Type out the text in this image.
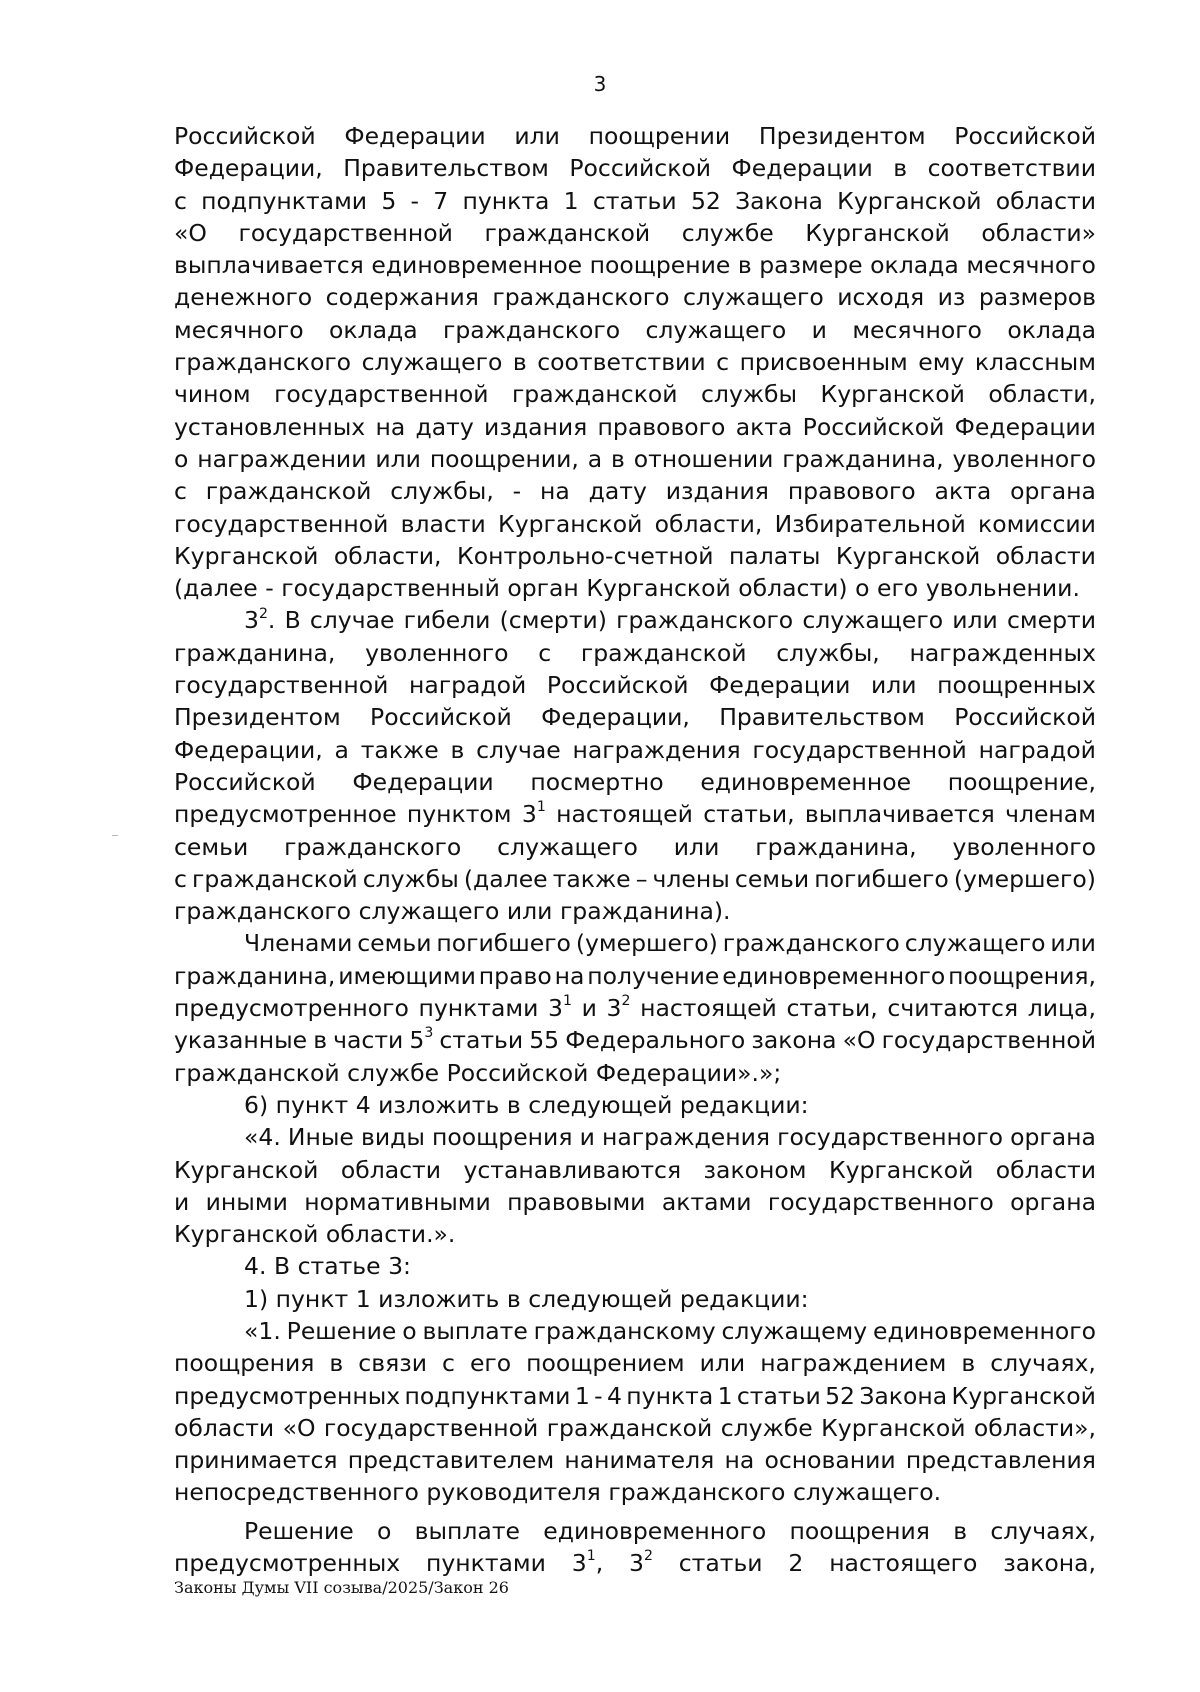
3
Российской Федерации или поощрении Президентом Российской
Федерации, Правительством Российской Федерации в соответствии
с подпунктами 5 - 7 пункта 1 статьи 52 Закона Курганской области
«О государственной гражданской службе Курганской области»
выплачивается единовременное поощрение в размере оклада месячного
денежного содержания гражданского служащего исходя из размеров
месячного оклада гражданского служащего и месячного оклада
гражданского служащего в соответствии с присвоенным ему классным
чином государственной гражданской службы Курганской области,
установленных на дату издания правового акта Российской Федерации
о награждении или поощрении, а в отношении гражданина, уволенного
с гражданской службы, - на дату издания правового акта органа
государственной власти Курганской области, Избирательной комиссии
Курганской области, Контрольно-счетной палаты Курганской области
(далее - государственный орган Курганской области) о его увольнении.
$3^2$. В случае гибели (смерти) гражданского служащего или смерти
гражданина, уволенного с гражданской службы, награжденных
государственной наградой Российской Федерации или поощренных
Президентом Российской Федерации, Правительством Российской
Федерации, а также в случае награждения государственной наградой
Российской Федерации посмертно единовременное поощрение,
предусмотренное пунктом $3^1$ настоящей статьи, выплачивается членам
семьи гражданского служащего или гражданина, уволенного
с гражданской службы (далее также – члены семьи погибшего (умершего)
гражданского служащего или гражданина).
Членами семьи погибшего (умершего) гражданского служащего или
гражданина, имеющими право на получение единовременного поощрения,
предусмотренного пунктами $3^1$ и $3^2$ настоящей статьи, считаются лица,
указанные в части $5^3$ статьи 55 Федерального закона «О государственной
гражданской службе Российской Федерации».»;
6) пункт 4 изложить в следующей редакции:
«4. Иные виды поощрения и награждения государственного органа
Курганской области устанавливаются законом Курганской области
и иными нормативными правовыми актами государственного органа
Курганской области.».
4. В статье 3:
1) пункт 1 изложить в следующей редакции:
«1. Решение о выплате гражданскому служащему единовременного
поощрения в связи с его поощрением или награждением в случаях,
предусмотренных подпунктами 1 - 4 пункта 1 статьи 52 Закона Курганской
области «О государственной гражданской службе Курганской области»,
принимается представителем нанимателя на основании представления
непосредственного руководителя гражданского служащего.
Решение о выплате единовременного поощрения в случаях,
предусмотренных пунктами $3^1$, $3^2$ статьи 2 настоящего закона,
Законы Думы VII созыва/2025/Закон 26
